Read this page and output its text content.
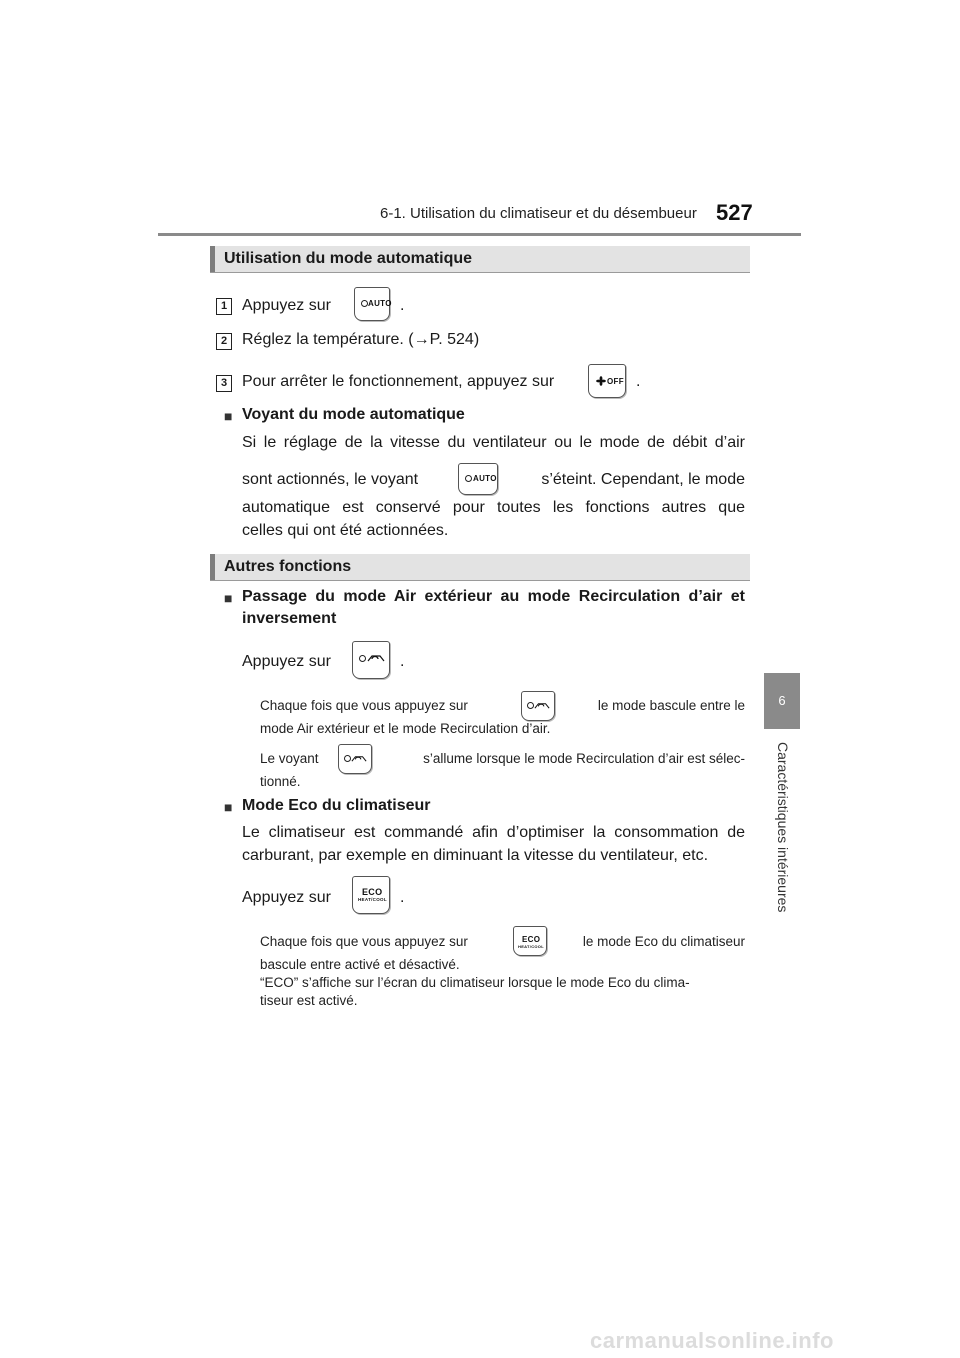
6-1. Utilisation du climatiseur et du désembueur 527
6
Caractéristiques intérieures
Utilisation du mode automatique
1 Appuyez sur	AUTO .
2 Réglez la température. (→P. 524)
3 Pour arrêter le fonctionnement, appuyez sur	OFF .
■ Voyant du mode automatique
Si le réglage de la vitesse du ventilateur ou le mode de débit d’air
sont actionnés, le voyant	AUTO	s’éteint. Cependant, le mode
automatique est conservé pour toutes les fonctions autres que
celles qui ont été actionnées.
Autres fonctions
■ Passage du mode Air extérieur au mode Recirculation d’air et
inversement
Appuyez sur	.
Chaque fois que vous appuyez sur	le mode bascule entre le
mode Air extérieur et le mode Recirculation d’air.
Le voyant	s’allume lorsque le mode Recirculation d’air est sélec-
tionné.
■ Mode Eco du climatiseur
Le climatiseur est commandé afin d’optimiser la consommation de
carburant, par exemple en diminuant la vitesse du ventilateur, etc.
Appuyez sur	ECO
HEAT/COOL .
Chaque fois que vous appuyez sur	ECO
HEAT/COOL	le mode Eco du climatiseur
bascule entre activé et désactivé.
“ECO” s’affiche sur l’écran du climatiseur lorsque le mode Eco du clima-
tiseur est activé.
carmanualsonline.info
